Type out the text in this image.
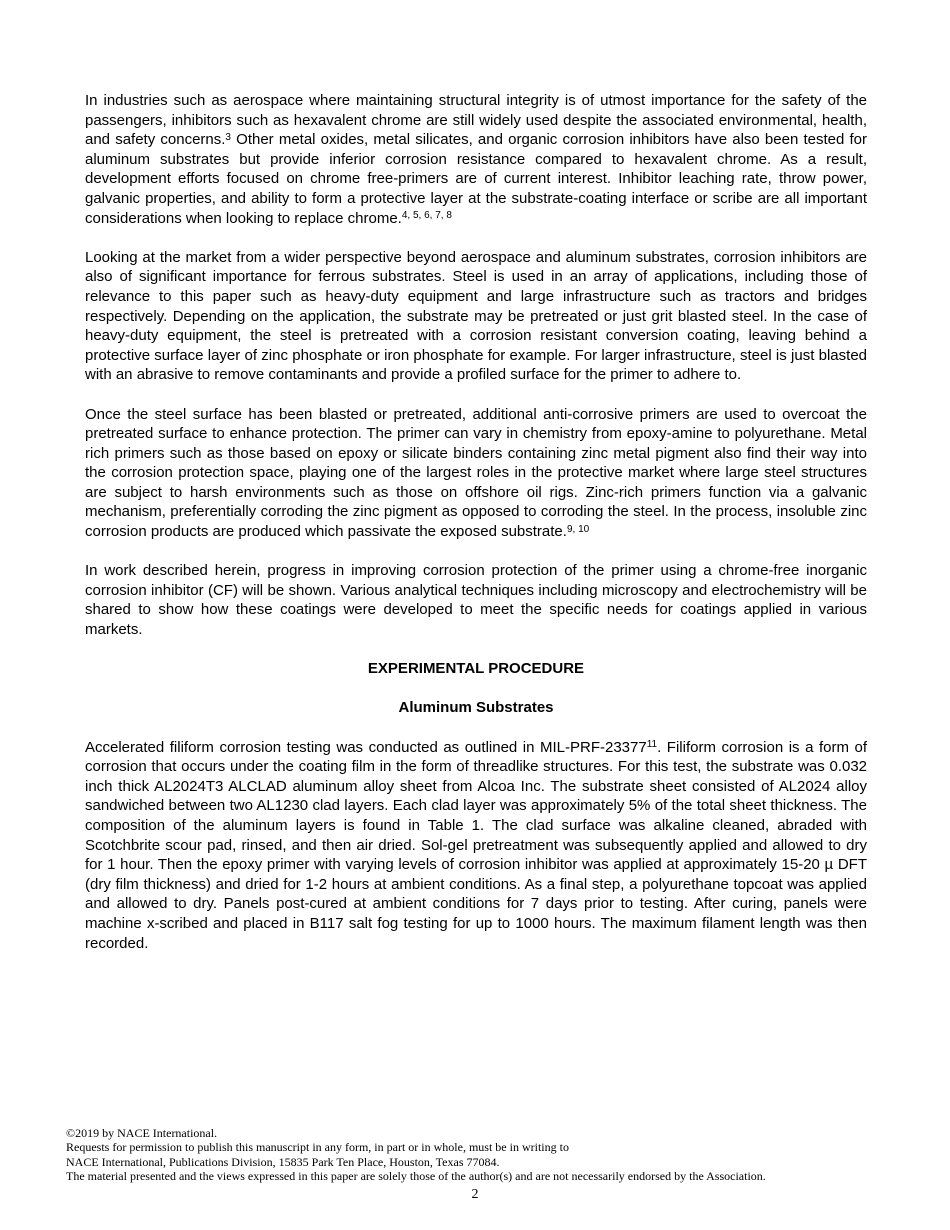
In industries such as aerospace where maintaining structural integrity is of utmost importance for the safety of the passengers, inhibitors such as hexavalent chrome are still widely used despite the associated environmental, health, and safety concerns.$^3$ Other metal oxides, metal silicates, and organic corrosion inhibitors have also been tested for aluminum substrates but provide inferior corrosion resistance compared to hexavalent chrome. As a result, development efforts focused on chrome free-primers are of current interest. Inhibitor leaching rate, throw power, galvanic properties, and ability to form a protective layer at the substrate-coating interface or scribe are all important considerations when looking to replace chrome.$^{4, 5, 6, 7, 8}$

Looking at the market from a wider perspective beyond aerospace and aluminum substrates, corrosion inhibitors are also of significant importance for ferrous substrates. Steel is used in an array of applications, including those of relevance to this paper such as heavy-duty equipment and large infrastructure such as tractors and bridges respectively. Depending on the application, the substrate may be pretreated or just grit blasted steel. In the case of heavy-duty equipment, the steel is pretreated with a corrosion resistant conversion coating, leaving behind a protective surface layer of zinc phosphate or iron phosphate for example. For larger infrastructure, steel is just blasted with an abrasive to remove contaminants and provide a profiled surface for the primer to adhere to.

Once the steel surface has been blasted or pretreated, additional anti-corrosive primers are used to overcoat the pretreated surface to enhance protection. The primer can vary in chemistry from epoxy-amine to polyurethane. Metal rich primers such as those based on epoxy or silicate binders containing zinc metal pigment also find their way into the corrosion protection space, playing one of the largest roles in the protective market where large steel structures are subject to harsh environments such as those on offshore oil rigs. Zinc-rich primers function via a galvanic mechanism, preferentially corroding the zinc pigment as opposed to corroding the steel. In the process, insoluble zinc corrosion products are produced which passivate the exposed substrate.$^{9, 10}$

In work described herein, progress in improving corrosion protection of the primer using a chrome-free inorganic corrosion inhibitor (CF) will be shown. Various analytical techniques including microscopy and electrochemistry will be shared to show how these coatings were developed to meet the specific needs for coatings applied in various markets.

EXPERIMENTAL PROCEDURE

Aluminum Substrates

Accelerated filiform corrosion testing was conducted as outlined in MIL-PRF-23377$^{11}$. Filiform corrosion is a form of corrosion that occurs under the coating film in the form of threadlike structures. For this test, the substrate was 0.032 inch thick AL2024T3 ALCLAD aluminum alloy sheet from Alcoa Inc. The substrate sheet consisted of AL2024 alloy sandwiched between two AL1230 clad layers. Each clad layer was approximately 5% of the total sheet thickness. The composition of the aluminum layers is found in Table 1. The clad surface was alkaline cleaned, abraded with Scotchbrite scour pad, rinsed, and then air dried. Sol-gel pretreatment was subsequently applied and allowed to dry for 1 hour. Then the epoxy primer with varying levels of corrosion inhibitor was applied at approximately 15-20 µ DFT (dry film thickness) and dried for 1-2 hours at ambient conditions. As a final step, a polyurethane topcoat was applied and allowed to dry. Panels post-cured at ambient conditions for 7 days prior to testing. After curing, panels were machine x-scribed and placed in B117 salt fog testing for up to 1000 hours. The maximum filament length was then recorded.

©2019 by NACE International.
Requests for permission to publish this manuscript in any form, in part or in whole, must be in writing to
NACE International, Publications Division, 15835 Park Ten Place, Houston, Texas 77084.
The material presented and the views expressed in this paper are solely those of the author(s) and are not necessarily endorsed by the Association.
2
